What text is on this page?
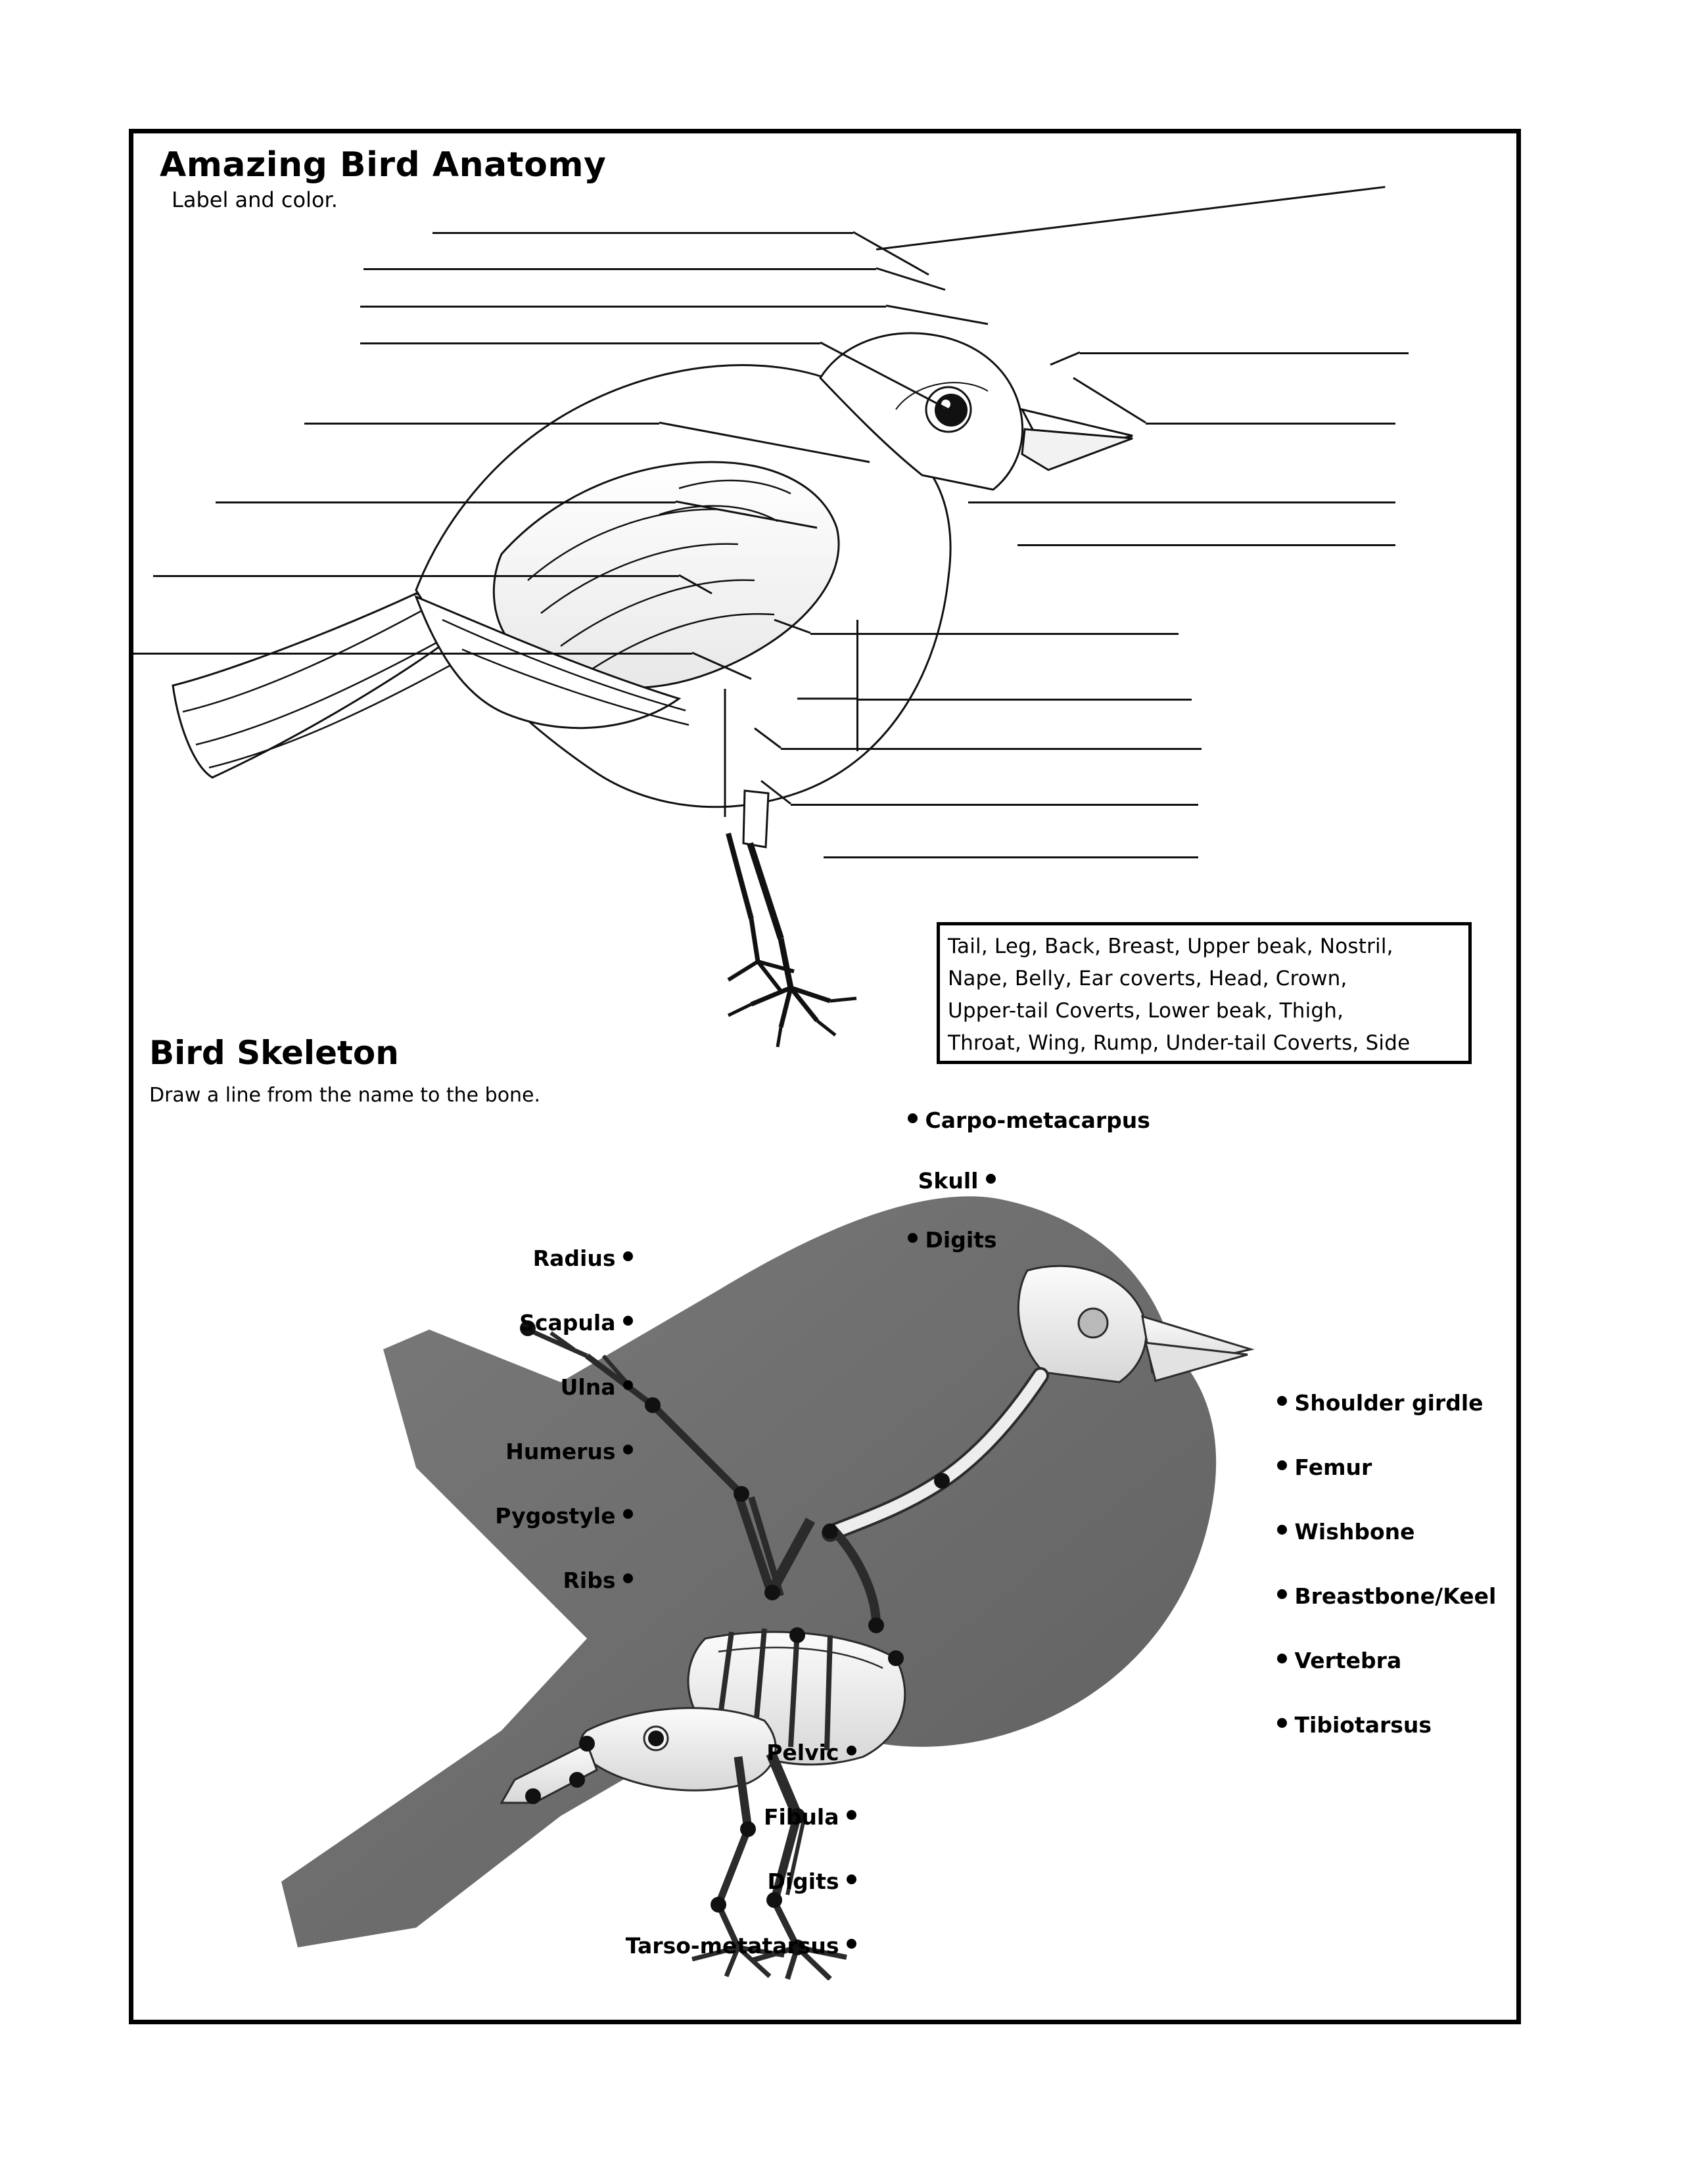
Amazing Bird Anatomy
Label and color.
Tail, Leg, Back, Breast, Upper beak, Nostril,
Nape, Belly, Ear coverts, Head, Crown,
Upper-tail Coverts, Lower beak, Thigh,
Throat, Wing, Rump, Under-tail Coverts, Side
Bird Skeleton
Draw a line from the name to the bone.
Carpo-metacarpus
Skull
Digits
Radius
Scapula
Ulna
Humerus
Pygostyle
Ribs
Pelvic
Fibula
Digits
Tarso-metatarsus
Shoulder girdle
Femur
Wishbone
Breastbone/Keel
Vertebra
Tibiotarsus
